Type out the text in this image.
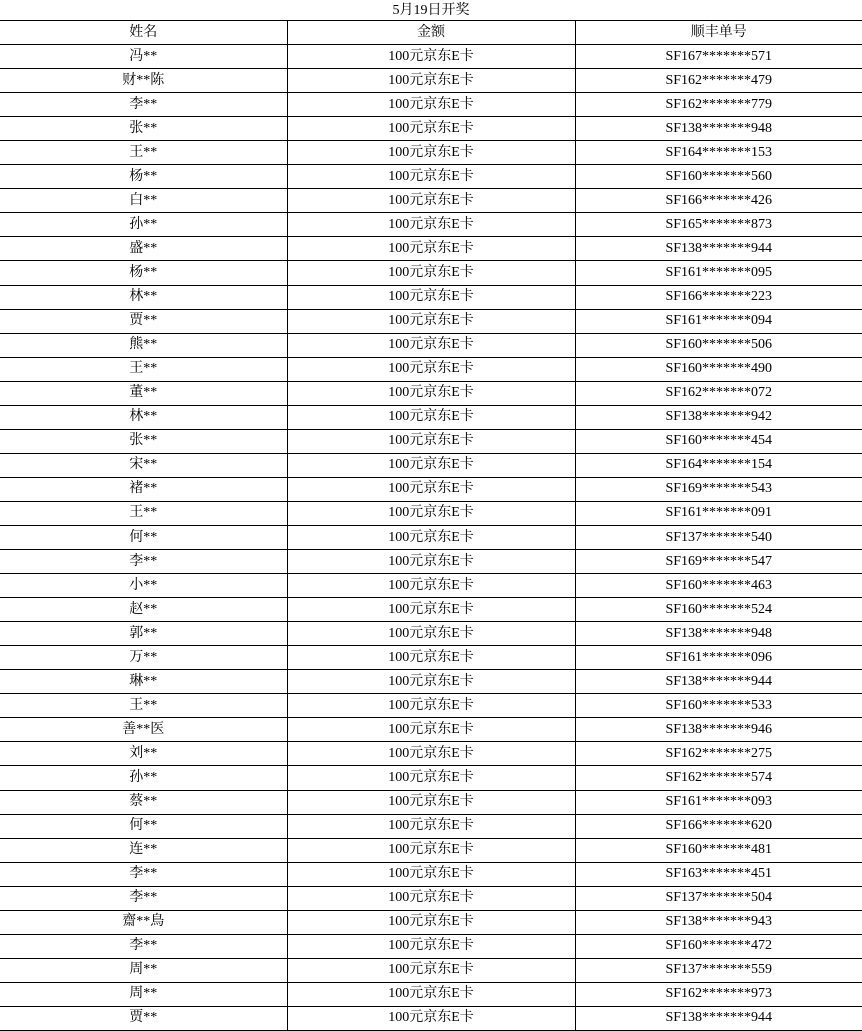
5月19日开奖
姓名	金额	顺丰单号
冯**	100元京东E卡	SF167*******571
财**陈	100元京东E卡	SF162*******479
李**	100元京东E卡	SF162*******779
张**	100元京东E卡	SF138*******948
王**	100元京东E卡	SF164*******153
杨**	100元京东E卡	SF160*******560
白**	100元京东E卡	SF166*******426
孙**	100元京东E卡	SF165*******873
盛**	100元京东E卡	SF138*******944
杨**	100元京东E卡	SF161*******095
林**	100元京东E卡	SF166*******223
贾**	100元京东E卡	SF161*******094
熊**	100元京东E卡	SF160*******506
王**	100元京东E卡	SF160*******490
董**	100元京东E卡	SF162*******072
林**	100元京东E卡	SF138*******942
张**	100元京东E卡	SF160*******454
宋**	100元京东E卡	SF164*******154
褚**	100元京东E卡	SF169*******543
王**	100元京东E卡	SF161*******091
何**	100元京东E卡	SF137*******540
李**	100元京东E卡	SF169*******547
小**	100元京东E卡	SF160*******463
赵**	100元京东E卡	SF160*******524
郭**	100元京东E卡	SF138*******948
万**	100元京东E卡	SF161*******096
琳**	100元京东E卡	SF138*******944
王**	100元京东E卡	SF160*******533
善**医	100元京东E卡	SF138*******946
刘**	100元京东E卡	SF162*******275
孙**	100元京东E卡	SF162*******574
蔡**	100元京东E卡	SF161*******093
何**	100元京东E卡	SF166*******620
连**	100元京东E卡	SF160*******481
李**	100元京东E卡	SF163*******451
李**	100元京东E卡	SF137*******504
齋**鳥	100元京东E卡	SF138*******943
李**	100元京东E卡	SF160*******472
周**	100元京东E卡	SF137*******559
周**	100元京东E卡	SF162*******973
贾**	100元京东E卡	SF138*******944
